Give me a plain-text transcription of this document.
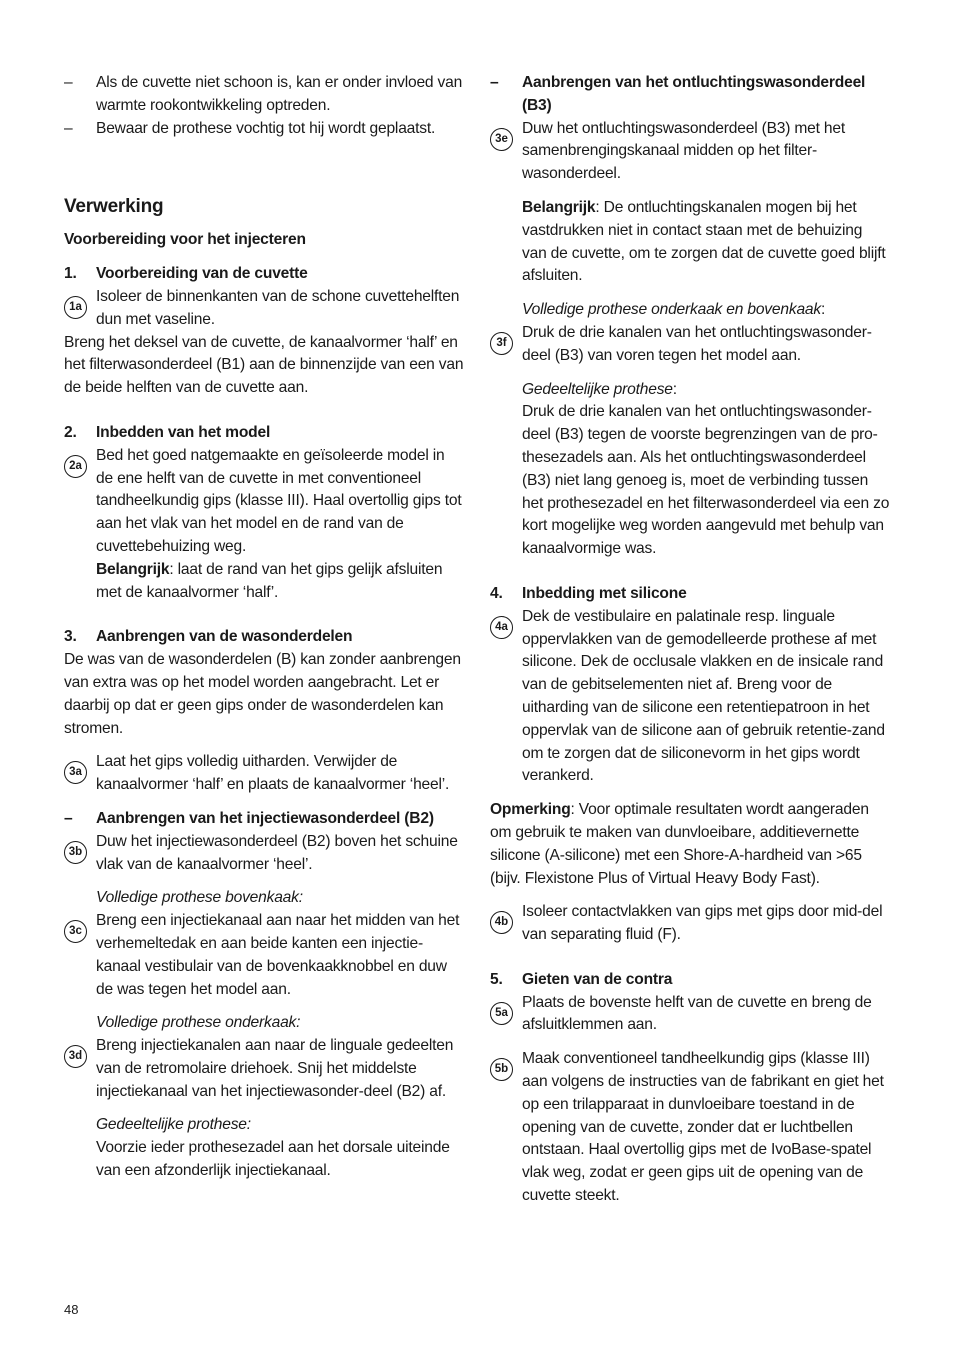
–	Als de cuvette niet schoon is, kan er onder invloed van warmte rookontwikkeling optreden.
–	Bewaar de prothese vochtig tot hij wordt geplaatst.

Verwerking

Voorbereiding voor het injecteren

1.	Voorbereiding van de cuvette
1a
Isoleer de binnenkanten van de schone cuvettehelften dun met vaseline.

Breng het deksel van de cuvette, de kanaalvormer ‘half’ en het filterwasonderdeel (B1) aan de binnenzijde van een van de beide helften van de cuvette aan.

2.	Inbedden van het model
2a
Bed het goed natgemaakte en geïsoleerde model in de ene helft van de cuvette in met conventioneel tandheelkundig gips (klasse III). Haal overtollig gips tot aan het vlak van het model en de rand van de cuvettebehuizing weg.
Belangrijk: laat de rand van het gips gelijk afsluiten met de kanaalvormer ‘half’.
3.	Aanbrengen van de wasonderdelen

De was van de wasonderdelen (B) kan zonder aanbrengen van extra was op het model worden aangebracht. Let er daarbij op dat er geen gips onder de wasonderdelen kan stromen.

3a
Laat het gips volledig uitharden. Verwijder de kanaalvormer ‘half’ en plaats de kanaalvormer ‘heel’.
–	Aanbrengen van het injectiewasonderdeel (B2)
3b
Duw het injectiewasonderdeel (B2) boven het schuine vlak van de kanaalvormer ‘heel’.

Volledige prothese bovenkaak:

3c
Breng een injectiekanaal aan naar het midden van het verhemeltedak en aan beide kanten een injectie-kanaal vestibulair van de bovenkaakknobbel en duw de was tegen het model aan.

Volledige prothese onderkaak:

3d
Breng injectiekanalen aan naar de linguale gedeelten van de retromolaire driehoek. Snij het middelste injectiekanaal van het injectiewasonder-deel (B2) af.

Gedeeltelijke prothese:

Voorzie ieder prothesezadel aan het dorsale uiteinde van een afzonderlijk injectiekanaal.

–	Aanbrengen van het ontluchtingswasonderdeel (B3)
3e
Duw het ontluchtingswasonderdeel (B3) met het samenbrengingskanaal midden op het filter-wasonderdeel.

Belangrijk: De ontluchtingskanalen mogen bij het vastdrukken niet in contact staan met de behuizing van de cuvette, om te zorgen dat de cuvette goed blijft afsluiten.

Volledige prothese onderkaak en bovenkaak:

3f
Druk de drie kanalen van het ontluchtingswasonder-deel (B3) van voren tegen het model aan.

Gedeeltelijke prothese:

Druk de drie kanalen van het ontluchtingswasonder-deel (B3) tegen de voorste begrenzingen van de pro-thesezadels aan. Als het ontluchtingswasonderdeel (B3) niet lang genoeg is, moet de verbinding tussen het prothesezadel en het filterwasonderdeel via een zo kort mogelijke weg worden aangevuld met behulp van kanaalvormige was.

4.	Inbedding met silicone
4a
Dek de vestibulaire en palatinale resp. linguale oppervlakken van de gemodelleerde prothese af met silicone. Dek de occlusale vlakken en de insicale rand van de gebitselementen niet af. Breng voor de uitharding van de silicone een retentiepatroon in het oppervlak van de silicone aan of gebruik retentie-zand om te zorgen dat de siliconevorm in het gips wordt verankerd.

Opmerking: Voor optimale resultaten wordt aangeraden om gebruik te maken van dunvloeibare, additievernette silicone (A-silicone) met een Shore-A-hardheid van >65 (bijv. Flexistone Plus of Virtual Heavy Body Fast).

4b
Isoleer contactvlakken van gips met gips door mid-del van separating fluid (F).
5.	Gieten van de contra
5a
Plaats de bovenste helft van de cuvette en breng de afsluitklemmen aan.
5b
Maak conventioneel tandheelkundig gips (klasse III) aan volgens de instructies van de fabrikant en giet het op een trilapparaat in dunvloeibare toestand in de opening van de cuvette, zonder dat er luchtbellen ontstaan. Haal overtollig gips met de IvoBase-spatel vlak weg, zodat er geen gips uit de opening van de cuvette steekt.
48
